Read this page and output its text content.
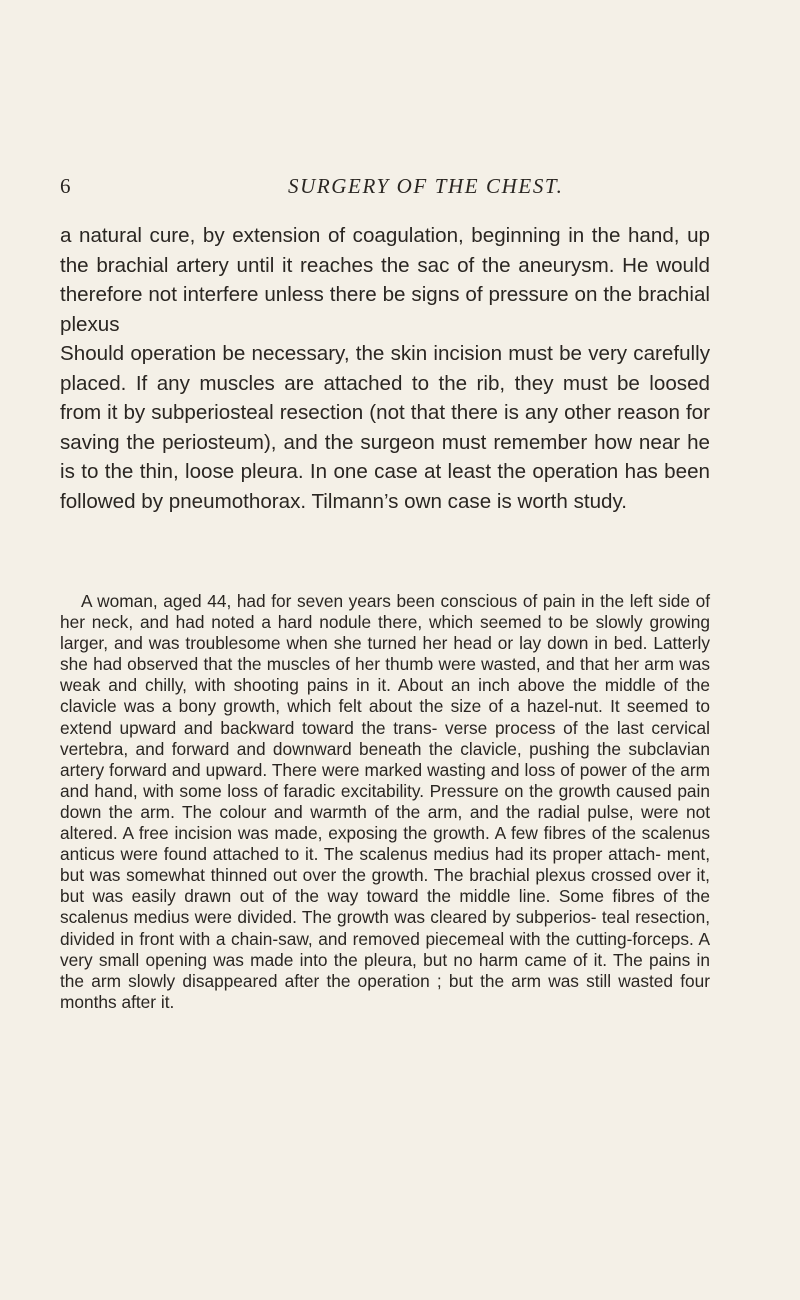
6	SURGERY OF THE CHEST.

a natural cure, by extension of coagulation, beginning in the hand, up the brachial artery until it reaches the sac of the aneurysm. He would therefore not interfere unless there be signs of pressure on the brachial plexus

Should operation be necessary, the skin incision must be very carefully placed. If any muscles are attached to the rib, they must be loosed from it by subperiosteal resection (not that there is any other reason for saving the periosteum), and the surgeon must remember how near he is to the thin, loose pleura. In one case at least the operation has been followed by pneumothorax. Tilmann’s own case is worth study.

A woman, aged 44, had for seven years been conscious of pain in the left side of her neck, and had noted a hard nodule there, which seemed to be slowly growing larger, and was troublesome when she turned her head or lay down in bed. Latterly she had observed that the muscles of her thumb were wasted, and that her arm was weak and chilly, with shooting pains in it. About an inch above the middle of the clavicle was a bony growth, which felt about the size of a hazel-nut. It seemed to extend upward and backward toward the trans- verse process of the last cervical vertebra, and forward and downward beneath the clavicle, pushing the subclavian artery forward and upward. There were marked wasting and loss of power of the arm and hand, with some loss of faradic excitability. Pressure on the growth caused pain down the arm. The colour and warmth of the arm, and the radial pulse, were not altered. A free incision was made, exposing the growth. A few fibres of the scalenus anticus were found attached to it. The scalenus medius had its proper attach- ment, but was somewhat thinned out over the growth. The brachial plexus crossed over it, but was easily drawn out of the way toward the middle line. Some fibres of the scalenus medius were divided. The growth was cleared by subperios- teal resection, divided in front with a chain-saw, and removed piecemeal with the cutting-forceps. A very small opening was made into the pleura, but no harm came of it. The pains in the arm slowly disappeared after the operation ; but the arm was still wasted four months after it.
